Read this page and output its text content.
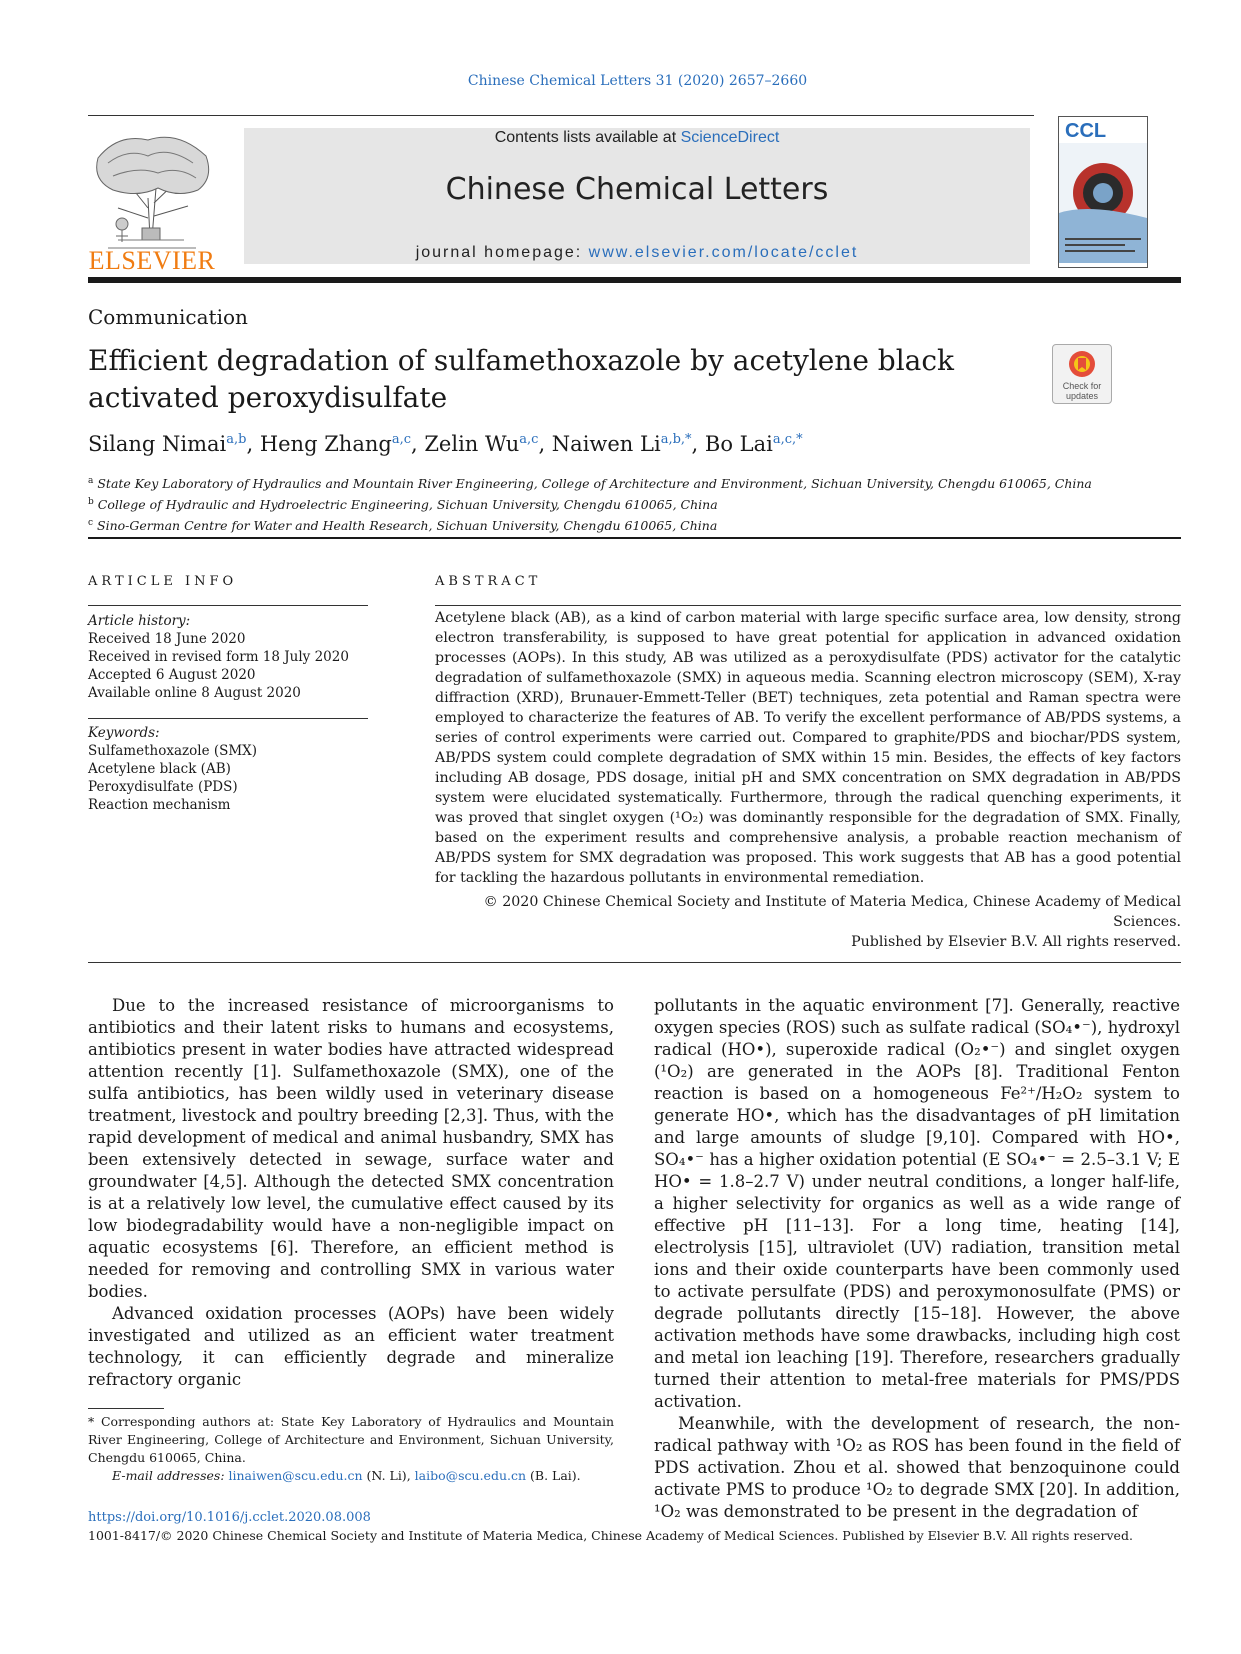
Chinese Chemical Letters 31 (2020) 2657–2660
ELSEVIER
Contents lists available at ScienceDirect
Chinese Chemical Letters
journal homepage: www.elsevier.com/locate/cclet
CCL
Communication
Efficient degradation of sulfamethoxazole by acetylene black activated peroxydisulfate	Check for updates
Silang Nimai$^{a,b}$, Heng Zhang$^{a,c}$, Zelin Wu$^{a,c}$, Naiwen $Li^{a,b,*}$, Bo Lai$^{a,c,*}$
$^a$ State Key Laboratory of Hydraulics and Mountain River Engineering, College of Architecture and Environment, Sichuan University, Chengdu 610065, China
$^b$ College of Hydraulic and Hydroelectric Engineering, Sichuan University, Chengdu 610065, China
$^c$ Sino-German Centre for Water and Health Research, Sichuan University, Chengdu 610065, China
ARTICLE INFO
Article history:
Received 18 June 2020
Received in revised form 18 July 2020
Accepted 6 August 2020
Available online 8 August 2020
Keywords:
Sulfamethoxazole (SMX)
Acetylene black (AB)
Peroxydisulfate (PDS)
Reaction mechanism
ABSTRACT
Acetylene black (AB), as a kind of carbon material with large specific surface area, low density, strong electron transferability, is supposed to have great potential for application in advanced oxidation processes (AOPs). In this study, AB was utilized as a peroxydisulfate (PDS) activator for the catalytic degradation of sulfamethoxazole (SMX) in aqueous media. Scanning electron microscopy (SEM), X-ray diffraction (XRD), Brunauer-Emmett-Teller (BET) techniques, zeta potential and Raman spectra were employed to characterize the features of AB. To verify the excellent performance of AB/PDS systems, a series of control experiments were carried out. Compared to graphite/PDS and biochar/PDS system, AB/PDS system could complete degradation of SMX within 15 min. Besides, the effects of key factors including AB dosage, PDS dosage, initial pH and SMX concentration on SMX degradation in AB/PDS system were elucidated systematically. Furthermore, through the radical quenching experiments, it was proved that singlet oxygen (¹O₂) was dominantly responsible for the degradation of SMX. Finally, based on the experiment results and comprehensive analysis, a probable reaction mechanism of AB/PDS system for SMX degradation was proposed. This work suggests that AB has a good potential for tackling the hazardous pollutants in environmental remediation.
© 2020 Chinese Chemical Society and Institute of Materia Medica, Chinese Academy of Medical Sciences.
Published by Elsevier B.V. All rights reserved.

Due to the increased resistance of microorganisms to antibiotics and their latent risks to humans and ecosystems, antibiotics present in water bodies have attracted widespread attention recently [1]. Sulfamethoxazole (SMX), one of the sulfa antibiotics, has been wildly used in veterinary disease treatment, livestock and poultry breeding [2,3]. Thus, with the rapid development of medical and animal husbandry, SMX has been extensively detected in sewage, surface water and groundwater [4,5]. Although the detected SMX concentration is at a relatively low level, the cumulative effect caused by its low biodegradability would have a non-negligible impact on aquatic ecosystems [6]. Therefore, an efficient method is needed for removing and controlling SMX in various water bodies.

Advanced oxidation processes (AOPs) have been widely investigated and utilized as an efficient water treatment technology, it can efficiently degrade and mineralize refractory organic

pollutants in the aquatic environment [7]. Generally, reactive oxygen species (ROS) such as sulfate radical (SO₄•⁻), hydroxyl radical (HO•), superoxide radical (O₂•⁻) and singlet oxygen (¹O₂) are generated in the AOPs [8]. Traditional Fenton reaction is based on a homogeneous Fe²⁺/H₂O₂ system to generate HO•, which has the disadvantages of pH limitation and large amounts of sludge [9,10]. Compared with HO•, SO₄•⁻ has a higher oxidation potential (E SO₄•⁻ = 2.5–3.1 V; E HO• = 1.8–2.7 V) under neutral conditions, a longer half-life, a higher selectivity for organics as well as a wide range of effective pH [11–13]. For a long time, heating [14], electrolysis [15], ultraviolet (UV) radiation, transition metal ions and their oxide counterparts have been commonly used to activate persulfate (PDS) and peroxymonosulfate (PMS) or degrade pollutants directly [15–18]. However, the above activation methods have some drawbacks, including high cost and metal ion leaching [19]. Therefore, researchers gradually turned their attention to metal-free materials for PMS/PDS activation.

Meanwhile, with the development of research, the non-radical pathway with ¹O₂ as ROS has been found in the field of PDS activation. Zhou et al. showed that benzoquinone could activate PMS to produce ¹O₂ to degrade SMX [20]. In addition, ¹O₂ was demonstrated to be present in the degradation of

* Corresponding authors at: State Key Laboratory of Hydraulics and Mountain River Engineering, College of Architecture and Environment, Sichuan University, Chengdu 610065, China.
E-mail addresses: linaiwen@scu.edu.cn (N. Li), laibo@scu.edu.cn (B. Lai).
https://doi.org/10.1016/j.cclet.2020.08.008
1001-8417/© 2020 Chinese Chemical Society and Institute of Materia Medica, Chinese Academy of Medical Sciences. Published by Elsevier B.V. All rights reserved.
